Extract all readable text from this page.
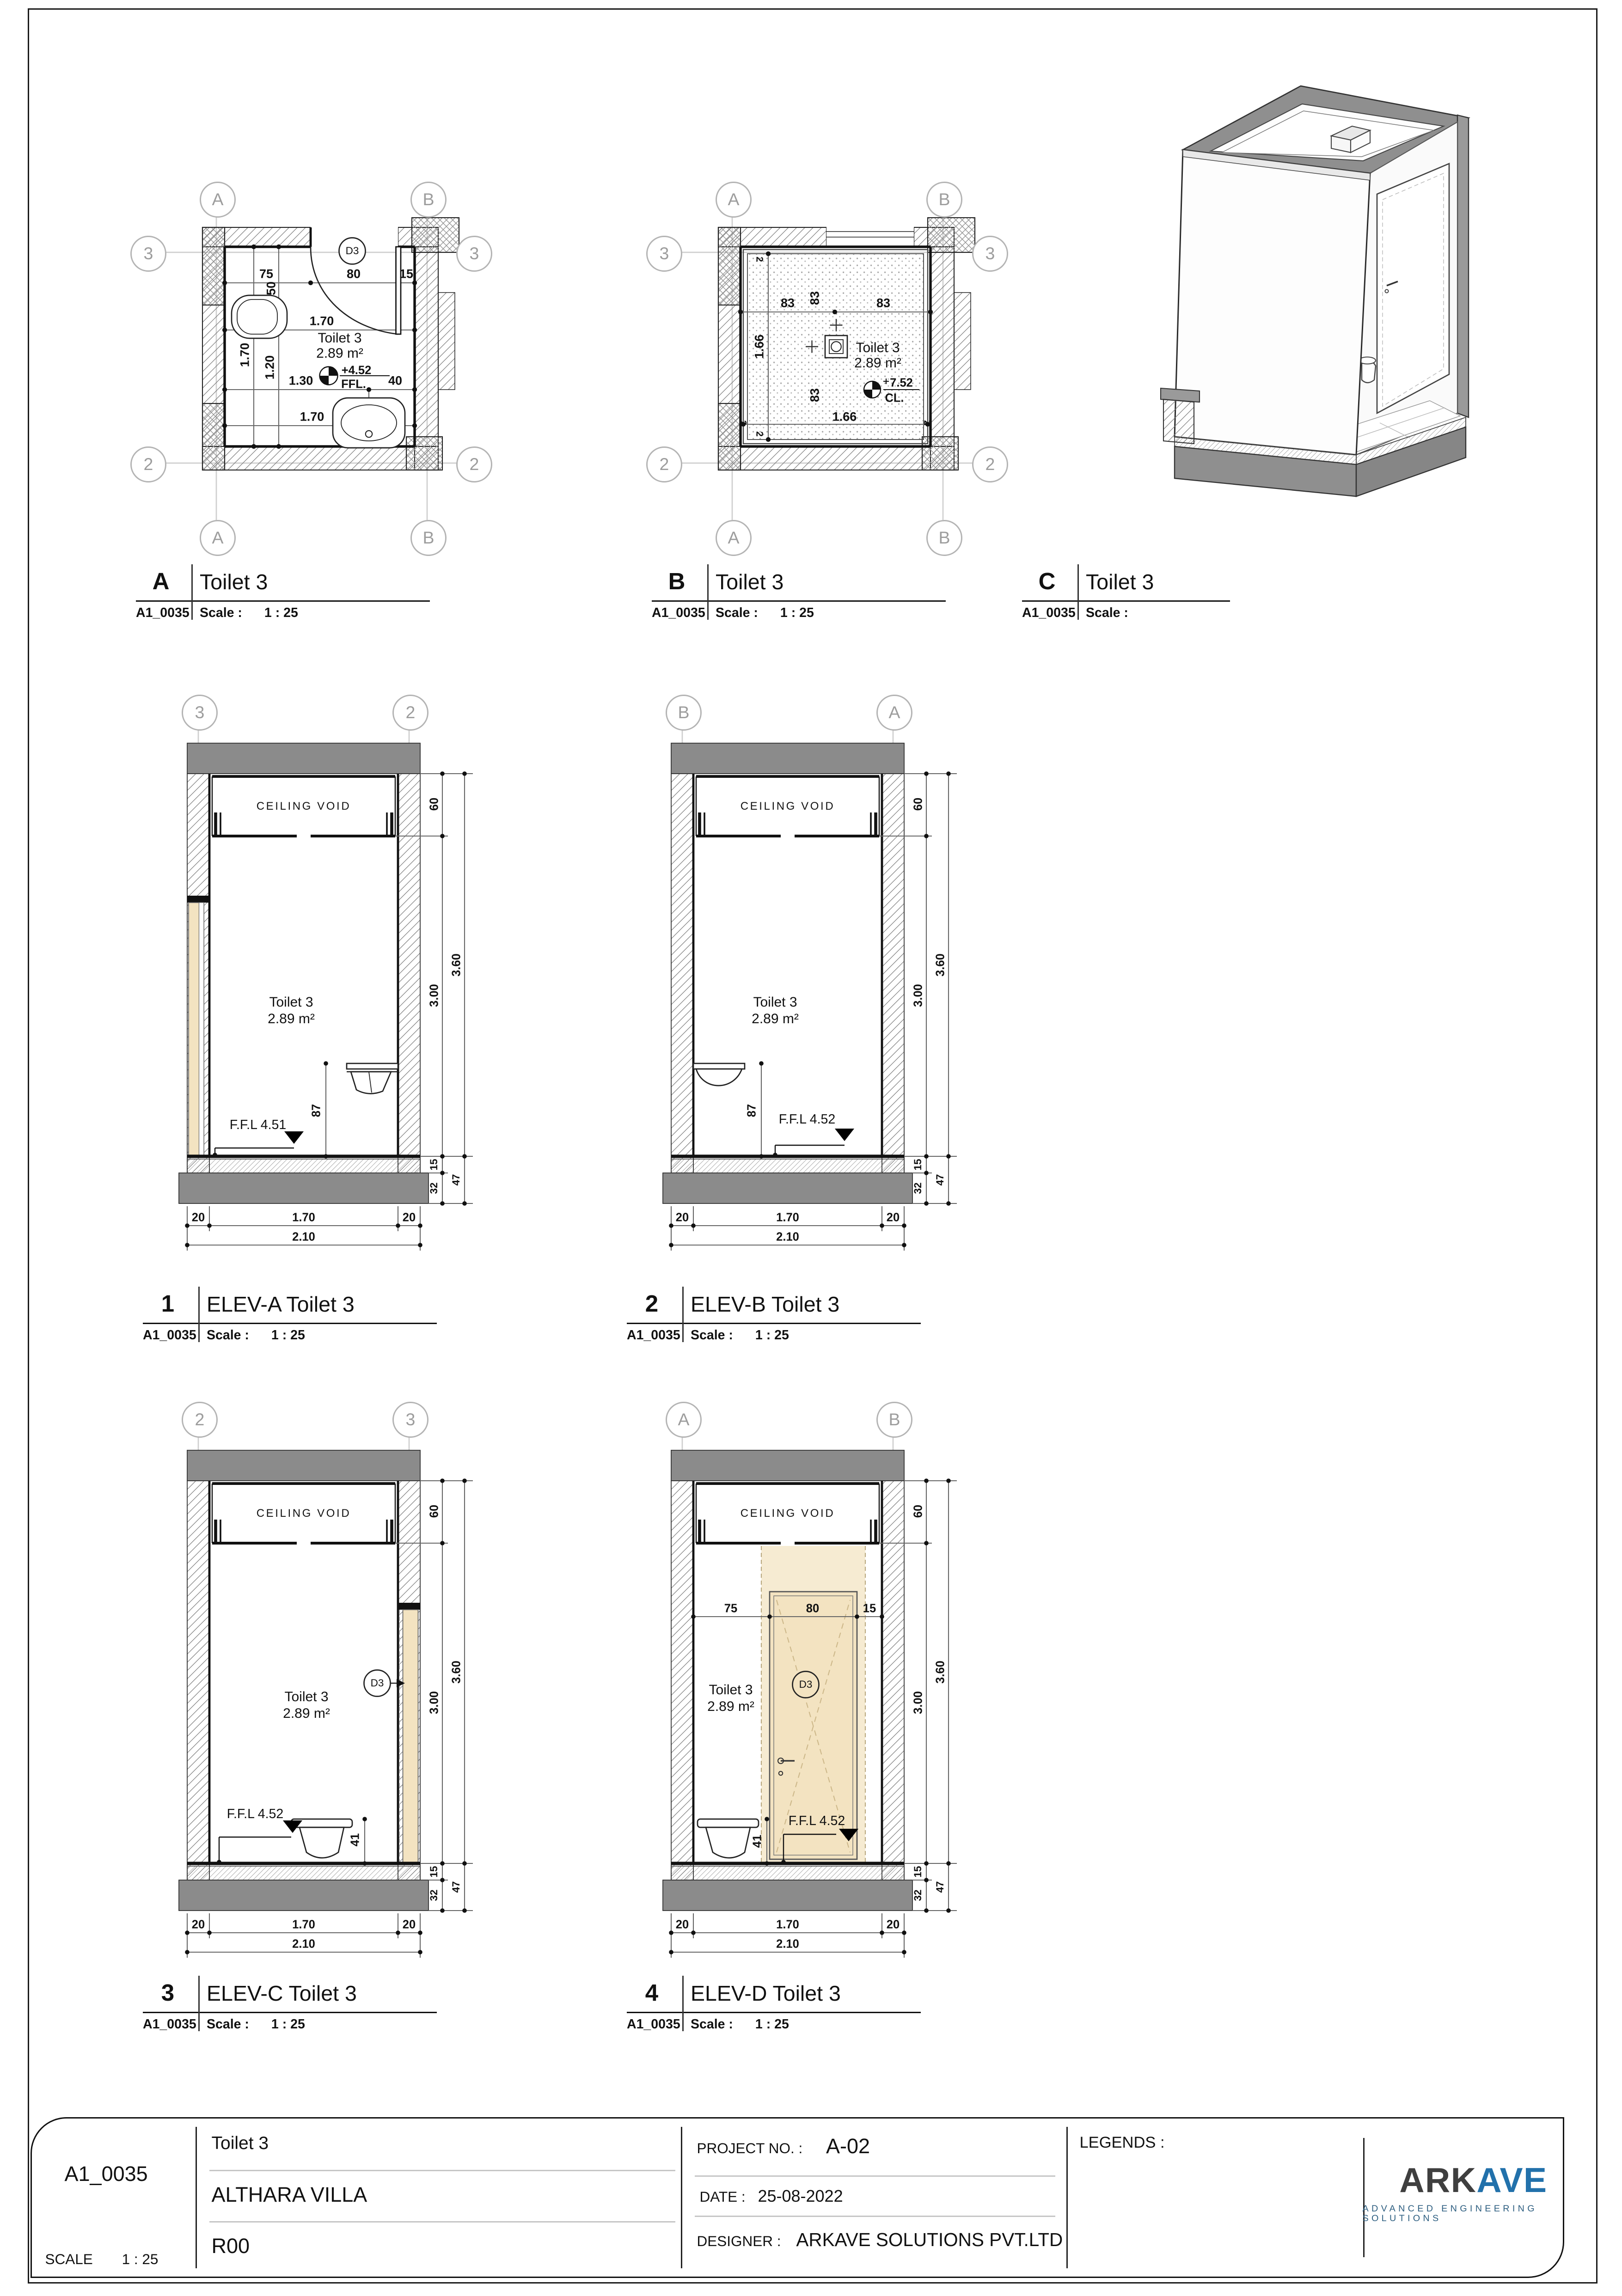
75	80	15
50
1.70
Toilet 3
2.89 m²
+4.52
FFL.
1.70
1.20
1.30	40
1.70
D3
A	B
A	B
3
2
3
2
83
83	83
1.66	Toilet 3
2.89 m²
7.52
CL.
83
1.66
2
2
2	2
A	B
A	B
3
2
3
2
CEILING VOID	60
3.00
3.60
15
32
47
20	1.70	20
2.10
Toilet 3
2.89 m²
87
F.F.L 4.51
3	2
CEILING VOID	60
3.00
3.60
15
32
47
20	1.70	20
2.10
Toilet 3
2.89 m²
87
F.F.L 4.52
B	A
CEILING VOID	60
3.00
3.60
15
32
47
20	1.70	20
2.10
Toilet 3
2.89 m²
D3
41
F.F.L 4.52
2	3
CEILING VOID	60
3.00
3.60
15
32
47
20	1.70	20
2.10
75	80	15
Toilet 3
2.89 m²
D3
41
F.F.L 4.52
A	B
A	Toilet 3
A1_0035	Scale :	1 : 25
B	Toilet 3
A1_0035	Scale :	1 : 25
C	Toilet 3
A1_0035	Scale :
1	ELEV-A Toilet 3
A1_0035	Scale :	1 : 25
2	ELEV-B Toilet 3
A1_0035	Scale :	1 : 25
3	ELEV-C Toilet 3
A1_0035	Scale :	1 : 25
4	ELEV-D Toilet 3
A1_0035	Scale :	1 : 25
A1_0035
SCALE	1 : 25
Toilet 3
ALTHARA VILLA
R00
PROJECT NO. :	A-02
DATE : 25-08-2022
DESIGNER : ARKAVE SOLUTIONS PVT.LTD
LEGENDS :
ARKAVE
ADVANCED ENGINEERING SOLUTIONS
